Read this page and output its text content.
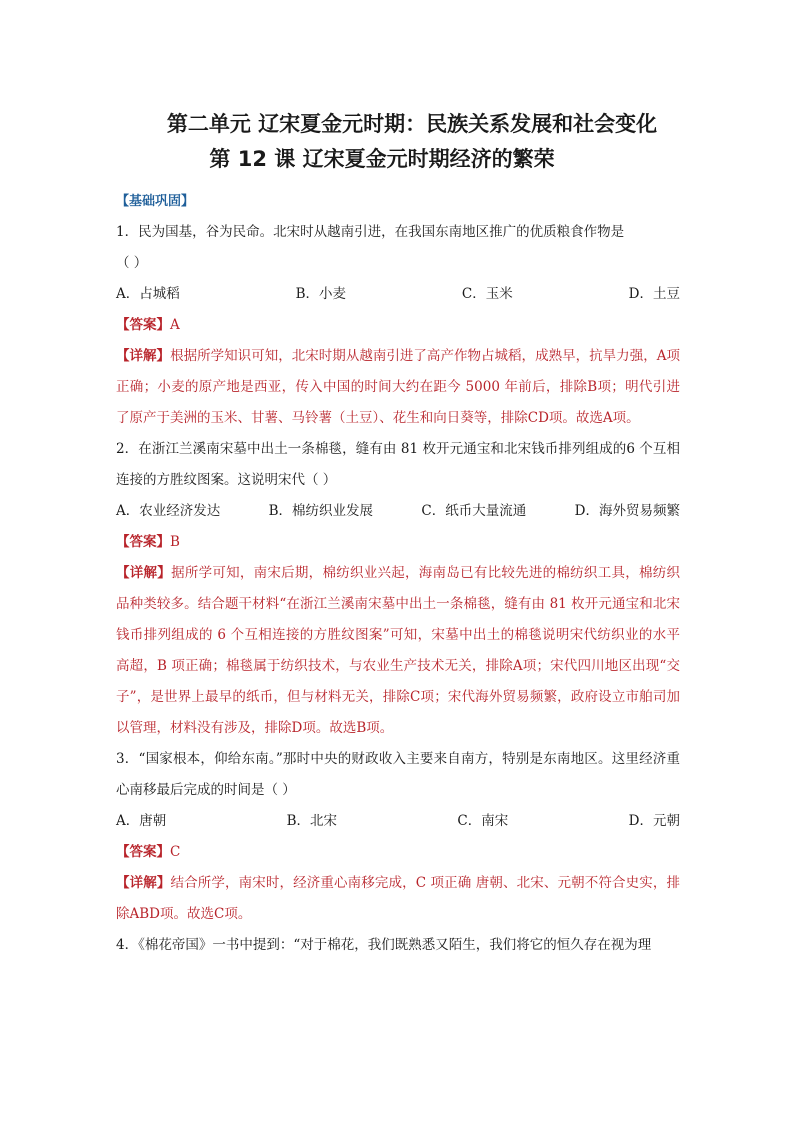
第二单元 辽宋夏金元时期：民族关系发展和社会变化
第 12 课 辽宋夏金元时期经济的繁荣
【基础巩固】
1．民为国基，谷为民命。北宋时从越南引进，在我国东南地区推广的优质粮食作物是
（ ）
A．占城稻	B．小麦	C．玉米	D．土豆
【答案】A
【详解】根据所学知识可知，北宋时期从越南引进了高产作物占城稻，成熟早，抗旱力强，A项正确；小麦的原产地是西亚，传入中国的时间大约在距今 5000 年前后，排除B项；明代引进了原产于美洲的玉米、甘薯、马铃薯（土豆）、花生和向日葵等，排除CD项。故选A项。
2．在浙江兰溪南宋墓中出土一条棉毯，缝有由 81 枚开元通宝和北宋钱币排列组成的6 个互相连接的方胜纹图案。这说明宋代（ ）
A．农业经济发达	B．棉纺织业发展	C．纸币大量流通	D．海外贸易频繁
【答案】B
【详解】据所学可知，南宋后期，棉纺织业兴起，海南岛已有比较先进的棉纺织工具，棉纺织品种类较多。结合题干材料“在浙江兰溪南宋墓中出土一条棉毯，缝有由 81 枚开元通宝和北宋钱币排列组成的 6 个互相连接的方胜纹图案”可知，宋墓中出土的棉毯说明宋代纺织业的水平高超，B 项正确；棉毯属于纺织技术，与农业生产技术无关，排除A项；宋代四川地区出现“交子”，是世界上最早的纸币，但与材料无关，排除C项；宋代海外贸易频繁，政府设立市舶司加以管理，材料没有涉及，排除D项。故选B项。
3．“国家根本，仰给东南。”那时中央的财政收入主要来自南方，特别是东南地区。这里经济重心南移最后完成的时间是（ ）
A．唐朝	B．北宋	C．南宋	D．元朝
【答案】C
【详解】结合所学，南宋时，经济重心南移完成，C 项正确 唐朝、北宋、元朝不符合史实，排除ABD项。故选C项。
4．《棉花帝国》一书中提到：“对于棉花，我们既熟悉又陌生，我们将它的恒久存在视为理
